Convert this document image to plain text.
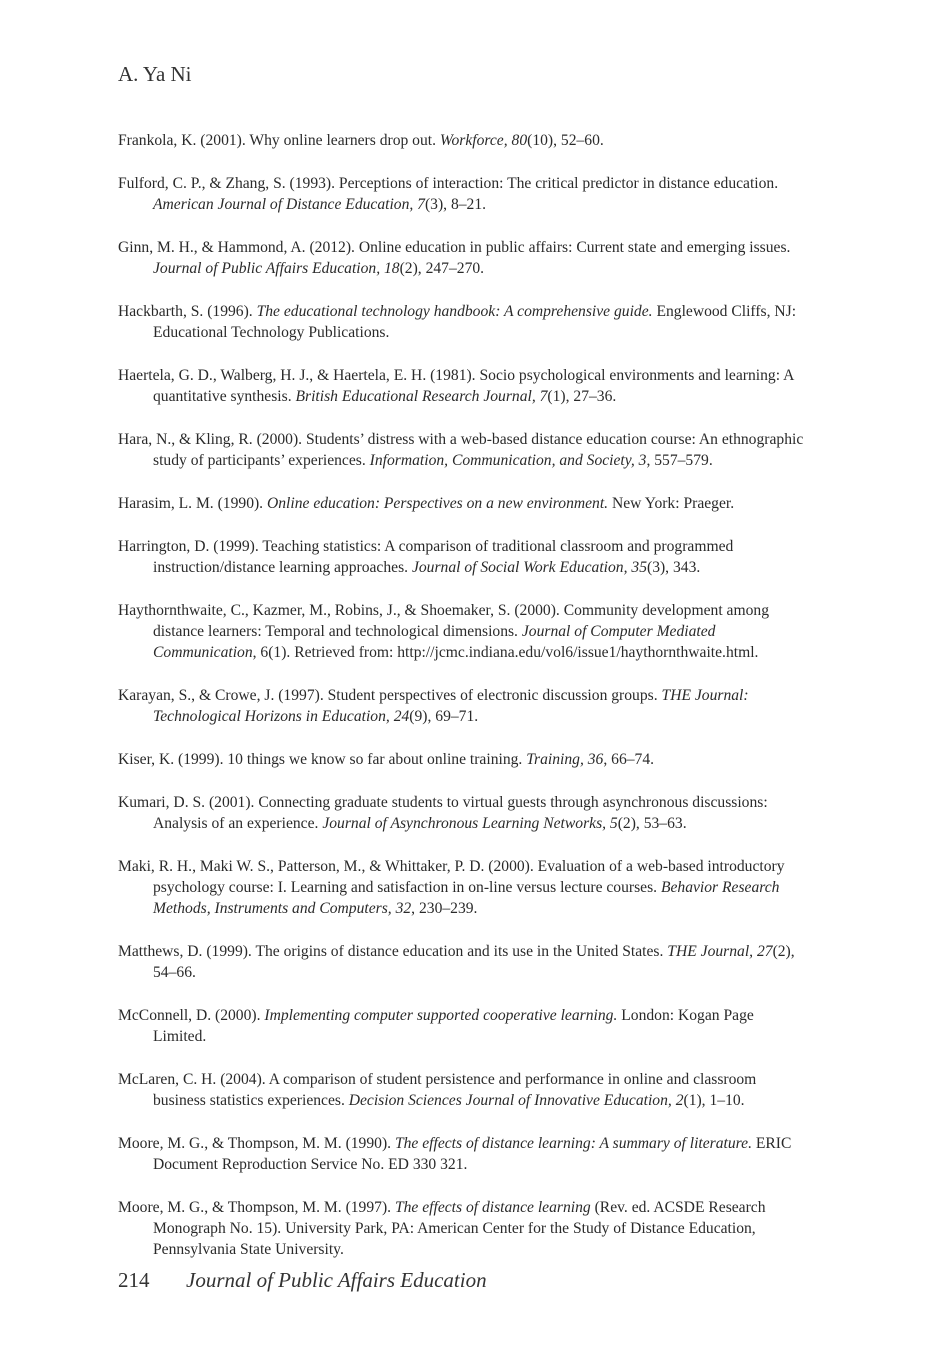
A. Ya Ni

Frankola, K. (2001). Why online learners drop out. Workforce, 80(10), 52–60.

Fulford, C. P., & Zhang, S. (1993). Perceptions of interaction: The critical predictor in distance education. American Journal of Distance Education, 7(3), 8–21.

Ginn, M. H., & Hammond, A. (2012). Online education in public affairs: Current state and emerging issues. Journal of Public Affairs Education, 18(2), 247–270.

Hackbarth, S. (1996). The educational technology handbook: A comprehensive guide. Englewood Cliffs, NJ: Educational Technology Publications.

Haertela, G. D., Walberg, H. J., & Haertela, E. H. (1981). Socio psychological environments and learning: A quantitative synthesis. British Educational Research Journal, 7(1), 27–36.

Hara, N., & Kling, R. (2000). Students’ distress with a web-based distance education course: An ethnographic study of participants’ experiences. Information, Communication, and Society, 3, 557–579.

Harasim, L. M. (1990). Online education: Perspectives on a new environment. New York: Praeger.

Harrington, D. (1999). Teaching statistics: A comparison of traditional classroom and programmed instruction/distance learning approaches. Journal of Social Work Education, 35(3), 343.

Haythornthwaite, C., Kazmer, M., Robins, J., & Shoemaker, S. (2000). Community development among distance learners: Temporal and technological dimensions. Journal of Computer Mediated Communication, 6(1). Retrieved from: http://jcmc.indiana.edu/vol6/issue1/haythornthwaite.html.

Karayan, S., & Crowe, J. (1997). Student perspectives of electronic discussion groups. THE Journal: Technological Horizons in Education, 24(9), 69–71.

Kiser, K. (1999). 10 things we know so far about online training. Training, 36, 66–74.

Kumari, D. S. (2001). Connecting graduate students to virtual guests through asynchronous discussions: Analysis of an experience. Journal of Asynchronous Learning Networks, 5(2), 53–63.

Maki, R. H., Maki W. S., Patterson, M., & Whittaker, P. D. (2000). Evaluation of a web-based introductory psychology course: I. Learning and satisfaction in on-line versus lecture courses. Behavior Research Methods, Instruments and Computers, 32, 230–239.

Matthews, D. (1999). The origins of distance education and its use in the United States. THE Journal, 27(2), 54–66.

McConnell, D. (2000). Implementing computer supported cooperative learning. London: Kogan Page Limited.

McLaren, C. H. (2004). A comparison of student persistence and performance in online and classroom business statistics experiences. Decision Sciences Journal of Innovative Education, 2(1), 1–10.

Moore, M. G., & Thompson, M. M. (1990). The effects of distance learning: A summary of literature. ERIC Document Reproduction Service No. ED 330 321.

Moore, M. G., & Thompson, M. M. (1997). The effects of distance learning (Rev. ed. ACSDE Research Monograph No. 15). University Park, PA: American Center for the Study of Distance Education, Pennsylvania State University.

214 Journal of Public Affairs Education
